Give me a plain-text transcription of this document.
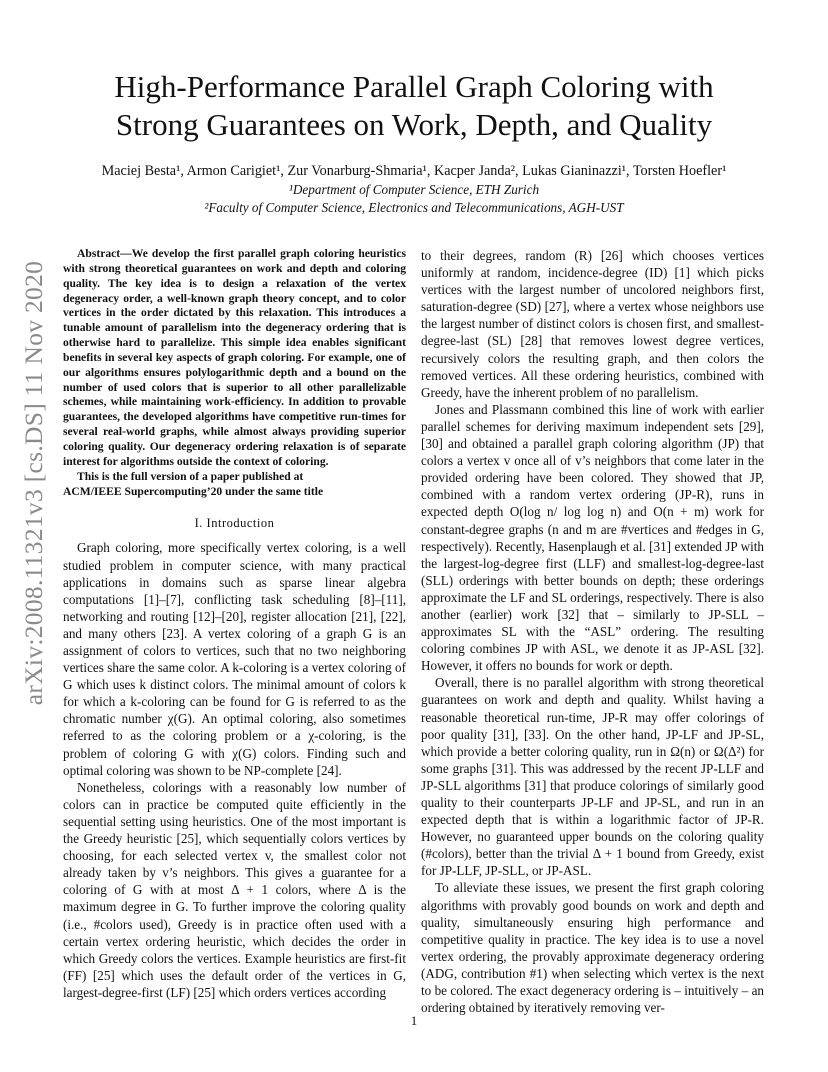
arXiv:2008.11321v3 [cs.DS] 11 Nov 2020
High-Performance Parallel Graph Coloring with
Strong Guarantees on Work, Depth, and Quality
Maciej Besta¹, Armon Carigiet¹, Zur Vonarburg-Shmaria¹, Kacper Janda², Lukas Gianinazzi¹, Torsten Hoefler¹
¹Department of Computer Science, ETH Zurich
²Faculty of Computer Science, Electronics and Telecommunications, AGH-UST

Abstract—We develop the first parallel graph coloring heuristics with strong theoretical guarantees on work and depth and coloring quality. The key idea is to design a relaxation of the vertex degeneracy order, a well-known graph theory concept, and to color vertices in the order dictated by this relaxation. This introduces a tunable amount of parallelism into the degeneracy ordering that is otherwise hard to parallelize. This simple idea enables significant benefits in several key aspects of graph coloring. For example, one of our algorithms ensures polylogarithmic depth and a bound on the number of used colors that is superior to all other parallelizable schemes, while maintaining work-efficiency. In addition to provable guarantees, the developed algorithms have competitive run-times for several real-world graphs, while almost always providing superior coloring quality. Our degeneracy ordering relaxation is of separate interest for algorithms outside the context of coloring.

This is the full version of a paper published at
ACM/IEEE Supercomputing’20 under the same title

I. Introduction

Graph coloring, more specifically vertex coloring, is a well studied problem in computer science, with many practical applications in domains such as sparse linear algebra computations [1]–[7], conflicting task scheduling [8]–[11], networking and routing [12]–[20], register allocation [21], [22], and many others [23]. A vertex coloring of a graph G is an assignment of colors to vertices, such that no two neighboring vertices share the same color. A k-coloring is a vertex coloring of G which uses k distinct colors. The minimal amount of colors k for which a k-coloring can be found for G is referred to as the chromatic number χ(G). An optimal coloring, also sometimes referred to as the coloring problem or a χ-coloring, is the problem of coloring G with χ(G) colors. Finding such and optimal coloring was shown to be NP-complete [24].

Nonetheless, colorings with a reasonably low number of colors can in practice be computed quite efficiently in the sequential setting using heuristics. One of the most important is the Greedy heuristic [25], which sequentially colors vertices by choosing, for each selected vertex v, the smallest color not already taken by v’s neighbors. This gives a guarantee for a coloring of G with at most Δ + 1 colors, where Δ is the maximum degree in G. To further improve the coloring quality (i.e., #colors used), Greedy is in practice often used with a certain vertex ordering heuristic, which decides the order in which Greedy colors the vertices. Example heuristics are first-fit (FF) [25] which uses the default order of the vertices in G, largest-degree-first (LF) [25] which orders vertices according

to their degrees, random (R) [26] which chooses vertices uniformly at random, incidence-degree (ID) [1] which picks vertices with the largest number of uncolored neighbors first, saturation-degree (SD) [27], where a vertex whose neighbors use the largest number of distinct colors is chosen first, and smallest-degree-last (SL) [28] that removes lowest degree vertices, recursively colors the resulting graph, and then colors the removed vertices. All these ordering heuristics, combined with Greedy, have the inherent problem of no parallelism.

Jones and Plassmann combined this line of work with earlier parallel schemes for deriving maximum independent sets [29], [30] and obtained a parallel graph coloring algorithm (JP) that colors a vertex v once all of v’s neighbors that come later in the provided ordering have been colored. They showed that JP, combined with a random vertex ordering (JP-R), runs in expected depth O(log n/ log log n) and O(n + m) work for constant-degree graphs (n and m are #vertices and #edges in G, respectively). Recently, Hasenplaugh et al. [31] extended JP with the largest-log-degree first (LLF) and smallest-log-degree-last (SLL) orderings with better bounds on depth; these orderings approximate the LF and SL orderings, respectively. There is also another (earlier) work [32] that – similarly to JP-SLL – approximates SL with the “ASL” ordering. The resulting coloring combines JP with ASL, we denote it as JP-ASL [32]. However, it offers no bounds for work or depth.

Overall, there is no parallel algorithm with strong theoretical guarantees on work and depth and quality. Whilst having a reasonable theoretical run-time, JP-R may offer colorings of poor quality [31], [33]. On the other hand, JP-LF and JP-SL, which provide a better coloring quality, run in Ω(n) or Ω(Δ²) for some graphs [31]. This was addressed by the recent JP-LLF and JP-SLL algorithms [31] that produce colorings of similarly good quality to their counterparts JP-LF and JP-SL, and run in an expected depth that is within a logarithmic factor of JP-R. However, no guaranteed upper bounds on the coloring quality (#colors), better than the trivial Δ + 1 bound from Greedy, exist for JP-LLF, JP-SLL, or JP-ASL.

To alleviate these issues, we present the first graph coloring algorithms with provably good bounds on work and depth and quality, simultaneously ensuring high performance and competitive quality in practice. The key idea is to use a novel vertex ordering, the provably approximate degeneracy ordering (ADG, contribution #1) when selecting which vertex is the next to be colored. The exact degeneracy ordering is – intuitively – an ordering obtained by iteratively removing ver-

1
